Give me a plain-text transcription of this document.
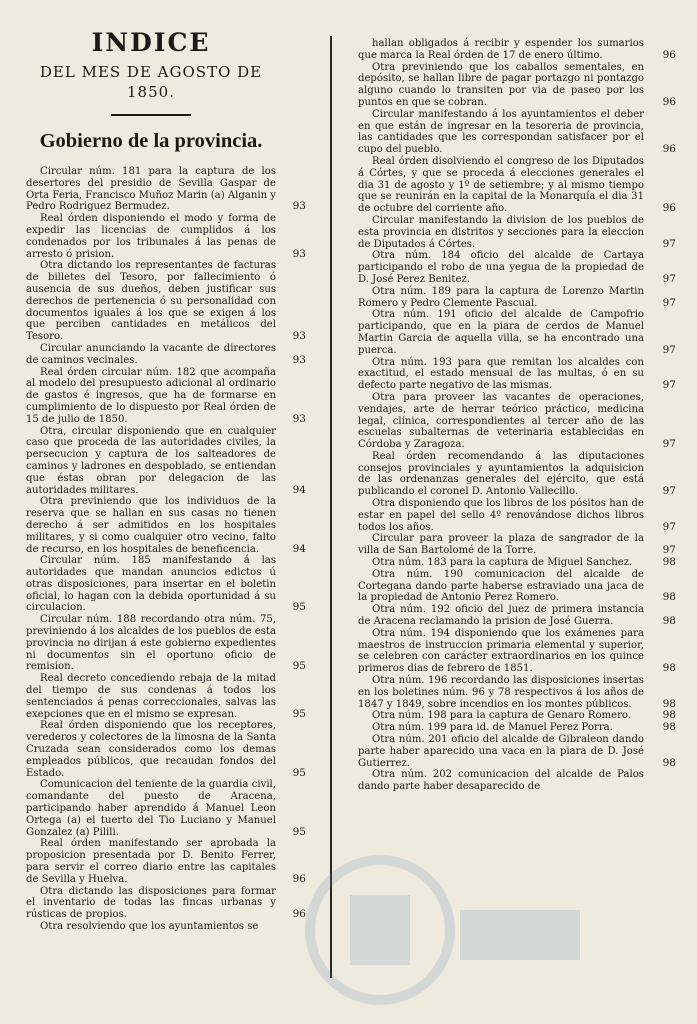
INDICE
DEL MES DE AGOSTO DE 1850.
Gobierno de la provincia.

Circular núm. 181 para la captura de los desertores del presidio de Sevilla Gaspar de Orta Feria, Francisco Muñoz Marin (a) Alganin y Pedro Rodriguez Bermudez.	93

Real órden disponiendo el modo y forma de expedir las licencias de cumplidos á los condenados por los tribunales á las penas de arresto ó prision.	93

Otra dictando los representantes de facturas de billetes del Tesoro, por fallecimiento ó ausencia de sus dueños, deben justificar sus derechos de pertenencia ó su personalidad con documentos iguales á los que se exigen á los que perciben cantidades en metálicos del Tesoro.	93

Circular anunciando la vacante de directores de caminos vecinales.	93

Real órden circular núm. 182 que acompaña al modelo del presupuesto adicional al ordinario de gastos é ingresos, que ha de formarse en cumplimiento de lo dispuesto por Real órden de 15 de julio de 1850.	93

Otra, circular disponiendo que en cualquier caso que proceda de las autoridades civiles, la persecucion y captura de los salteadores de caminos y ladrones en despoblado, se entiendan que éstas obran por delegacion de las autoridades militares.	94

Otra previniendo que los individuos de la reserva que se hallan en sus casas no tienen derecho á ser admitidos en los hospitales militares, y si como cualquier otro vecino, falto de recurso, en los hospitales de beneficencia.	94

Circular núm. 185 manifestando á las autoridades que mandan anuncios edictos ú otras disposiciones, para insertar en el boletin oficial, lo hagan con la debida oportunidad á su circulacion.	95

Circular núm. 188 recordando otra núm. 75, previniendo á los alcaldes de los pueblos de esta provincia no dirijan á este gobierno expedientes ni documentos sin el oportuno oficio de remision.	95

Real decreto concediendo rebaja de la mitad del tiempo de sus condenas á todos los sentenciados á penas correccionales, salvas las exepciones que en el mismo se expresan.	95

Real órden disponiendo que los receptores, verederos y colectores de la limosna de la Santa Cruzada sean considerados como los demas empleados públicos, que recaudan fondos del Estado.	95

Comunicacion del teniente de la guardia civil, comandante del puesto de Aracena, participando haber aprendido á Manuel Leon Ortega (a) el tuerto del Tio Luciano y Manuel Gonzalez (a) Pilili.	95

Real órden manifestando ser aprobada la proposicion presentada por D. Benito Ferrer, para servir el correo diario entre las capitales de Sevilla y Huelva.	96

Otra dictando las disposiciones para formar el inventario de todas las fincas urbanas y rústicas de propios.	96

Otra resolviendo que los ayuntamientos se

hallan obligados á recibir y espender los sumarios que marca la Real órden de 17 de enero último.	96

Otra previniendo que los caballos sementales, en depósito, se hallan libre de pagar portazgo ni pontazgo alguno cuando lo transiten por via de paseo por los puntos en que se cobran.	96

Circular manifestando á los ayuntamientos el deber en que están de ingresar en la tesoreria de provincia, las cantidades que les correspondan satisfacer por el cupo del pueblo.	96

Real órden disolviendo el congreso de los Diputados á Córtes, y que se proceda á elecciones generales el dia 31 de agosto y 1º de setiembre; y al mismo tiempo que se reunirán en la capital de la Monarquía el dia 31 de octubre del corriente año.	96

Circular manifestando la division de los pueblos de esta provincia en distritos y secciones para la eleccion de Diputados á Córtes.	97

Otra núm. 184 oficio del alcalde de Cartaya participando el robo de una yegua de la propiedad de D. José Perez Benitez.	97

Otra núm. 189 para la captura de Lorenzo Martin Romero y Pedro Clemente Pascual.	97

Otra núm. 191 oficio del alcalde de Campofrio participando, que en la piara de cerdos de Manuel Martin Garcia de aquella villa, se ha encontrado una puerca.	97

Otra núm. 193 para que remitan los alcaldes con exactitud, el estado mensual de las multas, ó en su defecto parte negativo de las mismas.	97

Otra para proveer las vacantes de operaciones, vendajes, arte de herrar teórico práctico, medicina legal, clínica, correspondientes al tercer año de las escuelas subalternas de veterinaria establecidas en Córdoba y Zaragoza.	97

Real órden recomendando á las diputaciones consejos provinciales y ayuntamientos la adquisicion de las ordenanzas generales del ejército, que está publicando el coronel D. Antonio Vallecillo.	97

Otra disponiendo que los libros de los pósitos han de estar en papel del sello 4º renovándose dichos libros todos los años.	97

Circular para proveer la plaza de sangrador de la villa de San Bartolomé de la Torre.	97

Otra núm. 183 para la captura de Miguel Sanchez.	98

Otra núm. 190 comunicacion del alcalde de Cortegana dando parte haberse estraviado una jaca de la propiedad de Antonio Perez Romero.	98

Otra núm. 192 oficio del juez de primera instancia de Aracena reclamando la prision de José Guerra.	98

Otra núm. 194 disponiendo que los exámenes para maestros de instruccion primaria elemental y superior, se celebren con carácter extraordinarios en los quince primeros dias de febrero de 1851.	98

Otra núm. 196 recordando las disposiciones insertas en los boletines núm. 96 y 78 respectivos á los años de 1847 y 1849, sobre incendios en los montes públicos.	98

Otra núm. 198 para la captura de Genaro Romero.	98

Otra núm. 199 para id. de Manuel Perez Porra.	98

Otra núm. 201 oficio del alcalde de Gibraleon dando parte haber aparecido una vaca en la piara de D. José Gutierrez.	98

Otra núm. 202 comunicacion del alcalde de Palos dando parte haber desaparecido de
